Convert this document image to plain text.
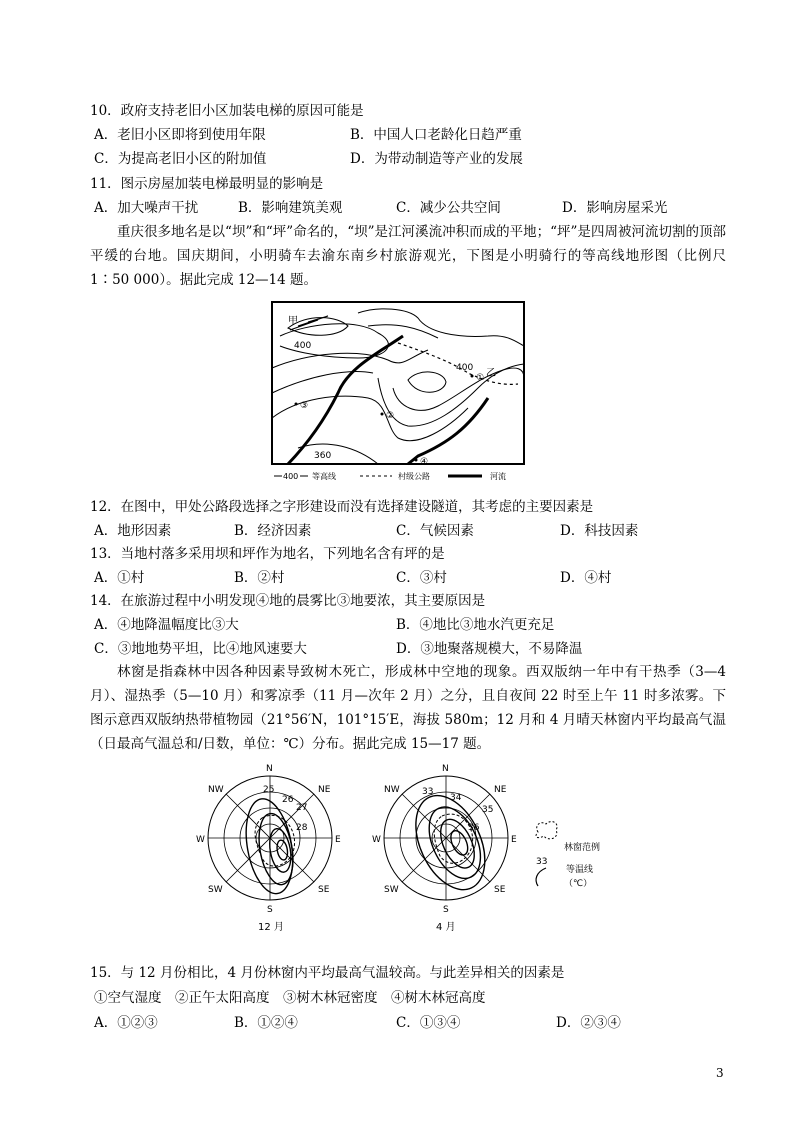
10．政府支持老旧小区加装电梯的原因可能是
A．老旧小区即将到使用年限	B．中国人口老龄化日趋严重
C．为提高老旧小区的附加值	D．为带动制造等产业的发展
11．图示房屋加装电梯最明显的影响是
A．加大噪声干扰	B．影响建筑美观	C．减少公共空间	D．影响房屋采光
重庆很多地名是以“坝”和“坪”命名的，“坝”是江河溪流冲积而成的平地；“坪”是四周被河流切割的顶部平缓的台地。国庆期间，小明骑车去渝东南乡村旅游观光，下图是小明骑行的等高线地形图（比例尺 1∶50 000）。据此完成 12—14 题。
甲
乙
①
②
③
④
400
400
360
400 等高线	村级公路	河流
12．在图中，甲处公路段选择之字形建设而没有选择建设隧道，其考虑的主要因素是
A．地形因素	B．经济因素	C．气候因素	D．科技因素
13．当地村落多采用坝和坪作为地名，下列地名含有坪的是
A．①村	B．②村	C．③村	D．④村
14．在旅游过程中小明发现④地的晨雾比③地要浓，其主要原因是
A．④地降温幅度比③大	B．④地比③地水汽更充足
C．③地地势平坦，比④地风速要大	D．③地聚落规模大，不易降温
林窗是指森林中因各种因素导致树木死亡，形成林中空地的现象。西双版纳一年中有干热季（3—4 月）、湿热季（5—10 月）和雾凉季（11 月—次年 2 月）之分，且自夜间 22 时至上午 11 时多浓雾。下图示意西双版纳热带植物园（21°56′N，101°15′E，海拔 580m；12 月和 4 月晴天林窗内平均最高气温（日最高气温总和/日数，单位：℃）分布。据此完成 15—17 题。
25
26
27
28
N
NE
E
SE
S
SW
W
NW
12 月
33
34
35
36
N
NE
E
SE
S
SW
W
NW
4 月
林窗范例
33
等温线
（℃）
15．与 12 月份相比，4 月份林窗内平均最高气温较高。与此差异相关的因素是
①空气湿度　②正午太阳高度　③树木林冠密度　④树木林冠高度
A．①②③	B．①②④	C．①③④	D．②③④
3
